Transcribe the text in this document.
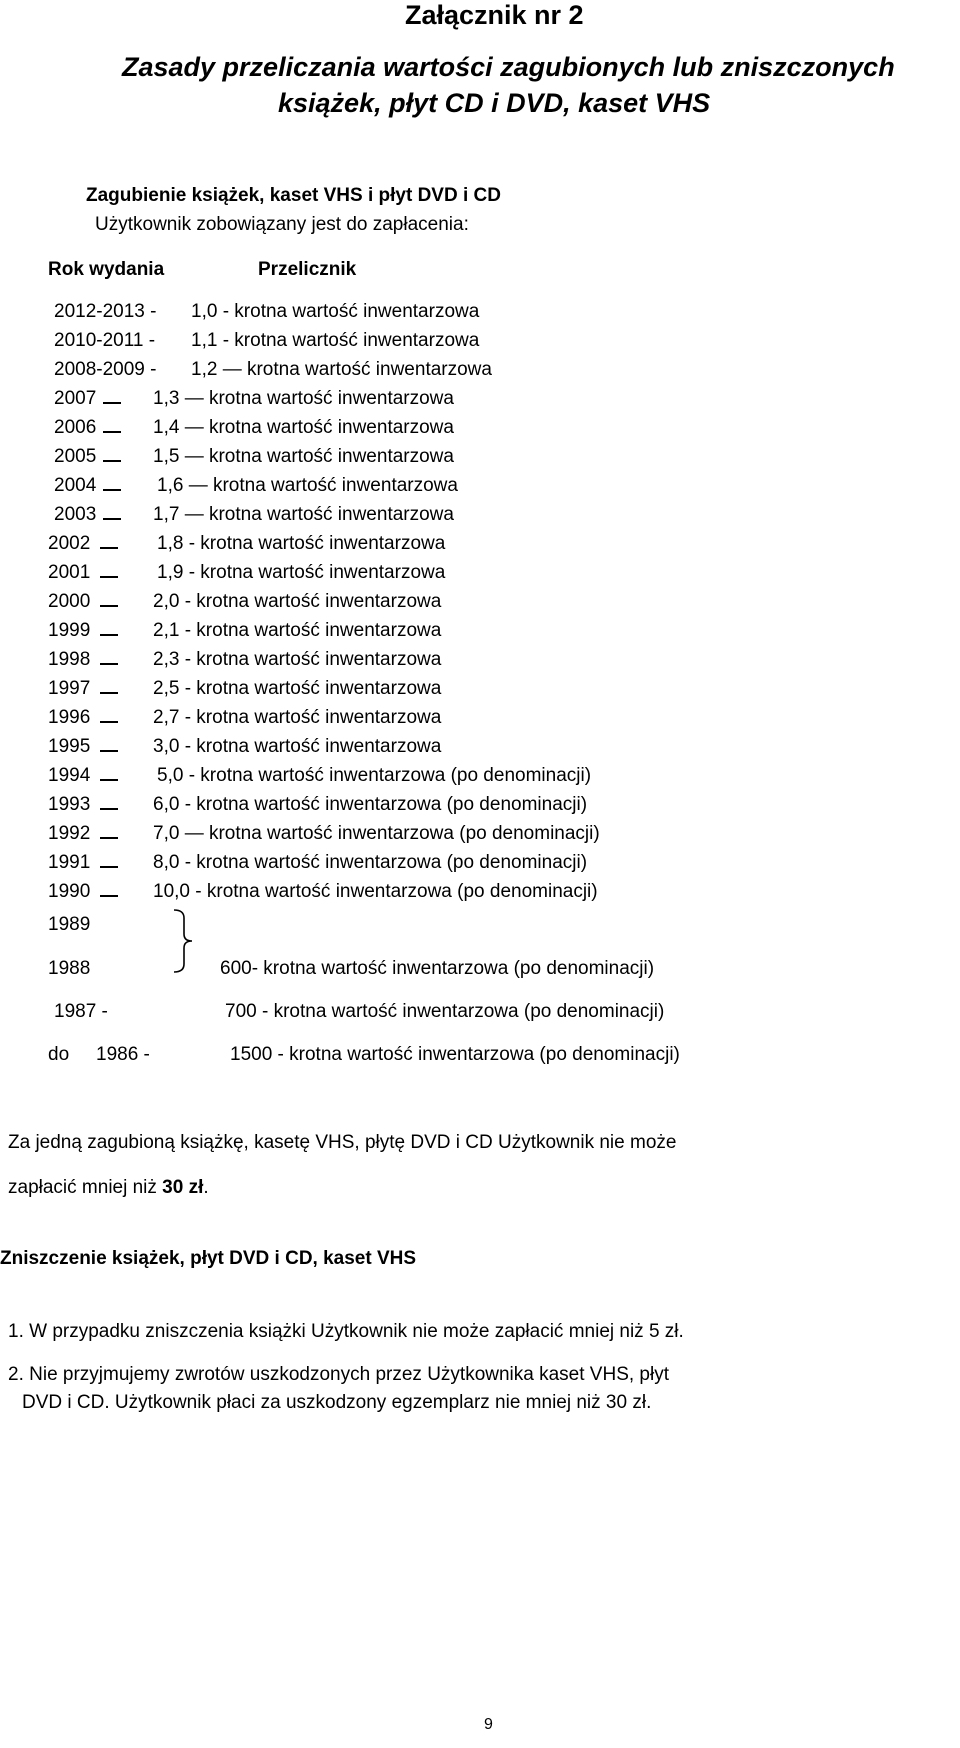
Załącznik nr 2
Zasady przeliczania wartości zagubionych lub zniszczonych
książek, płyt CD i DVD, kaset VHS
Zagubienie książek, kaset VHS i płyt DVD i CD
Użytkownik zobowiązany jest do zapłacenia:
Rok wydania	Przelicznik
2012-2013 - 1,0 - krotna wartość inwentarzowa
2010-2011 - 1,1 - krotna wartość inwentarzowa
2008-2009 - 1,2 — krotna wartość inwentarzowa
2007	1,3 — krotna wartość inwentarzowa
2006	1,4 — krotna wartość inwentarzowa
2005	1,5 — krotna wartość inwentarzowa
2004	1,6 — krotna wartość inwentarzowa
2003	1,7 — krotna wartość inwentarzowa
2002	1,8 - krotna wartość inwentarzowa
2001	1,9 - krotna wartość inwentarzowa
2000	2,0 - krotna wartość inwentarzowa
1999	2,1 - krotna wartość inwentarzowa
1998	2,3 - krotna wartość inwentarzowa
1997	2,5 - krotna wartość inwentarzowa
1996	2,7 - krotna wartość inwentarzowa
1995	3,0 - krotna wartość inwentarzowa
1994	5,0 - krotna wartość inwentarzowa (po denominacji)
1993	6,0 - krotna wartość inwentarzowa (po denominacji)
1992	7,0 — krotna wartość inwentarzowa (po denominacji)
1991	8,0 - krotna wartość inwentarzowa (po denominacji)
1990	10,0 - krotna wartość inwentarzowa (po denominacji)
1989
1988	600- krotna wartość inwentarzowa (po denominacji)
1987 -	700 - krotna wartość inwentarzowa (po denominacji)
do 1986 -	1500 - krotna wartość inwentarzowa (po denominacji)
Za jedną zagubioną książkę, kasetę VHS, płytę DVD i CD Użytkownik nie może
zapłacić mniej niż 30 zł.
Zniszczenie książek, płyt DVD i CD, kaset VHS
1. W przypadku zniszczenia książki Użytkownik nie może zapłacić mniej niż 5 zł.
2. Nie przyjmujemy zwrotów uszkodzonych przez Użytkownika kaset VHS, płyt
DVD i CD. Użytkownik płaci za uszkodzony egzemplarz nie mniej niż 30 zł.
9
